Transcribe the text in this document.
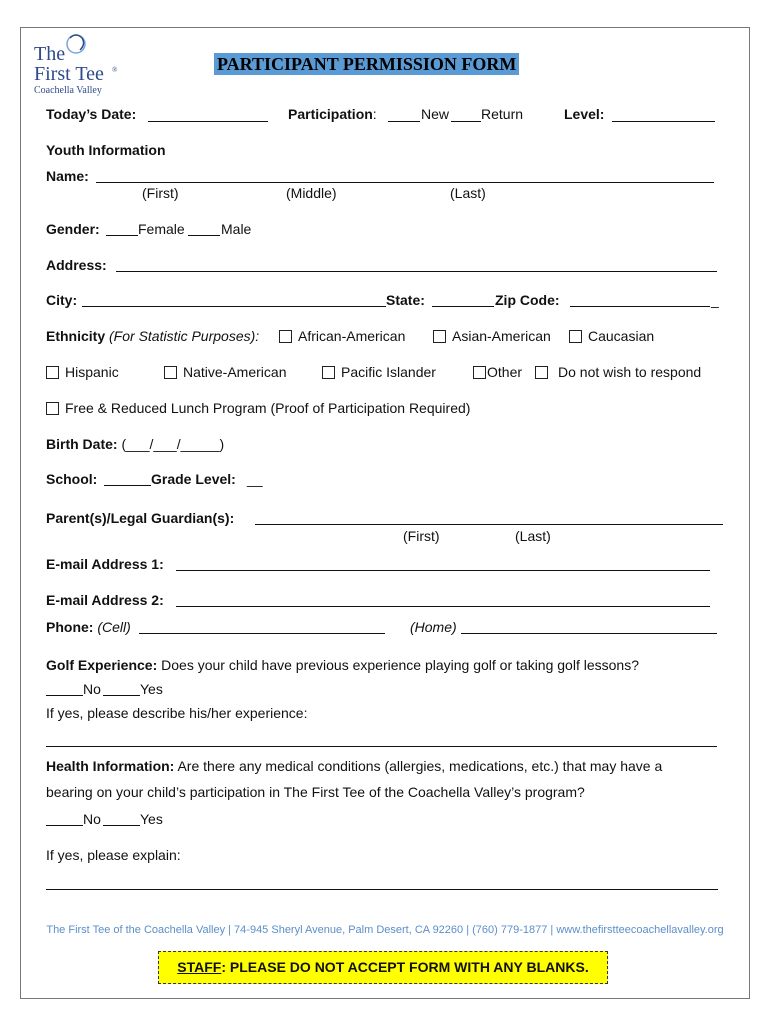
The
First Tee ®
Coachella Valley
PARTICIPANT PERMISSION FORM
Today’s Date:	Participation:	New Return	Level:
Youth Information
Name:
(First)	(Middle)	(Last)
Gender:	Female	Male
Address:
City:	State:	Zip Code:	_
Ethnicity (For Statistic Purposes):	African-American	Asian-American	Caucasian
Hispanic	Native-American	Pacific Islander	Other	Do not wish to respond
Free & Reduced Lunch Program (Proof of Participation Required)
Birth Date: (___/___/_____)
School:	Grade Level: __
Parent(s)/Legal Guardian(s):
(First)	(Last)
E-mail Address 1:
E-mail Address 2:
Phone: (Cell)	(Home)
Golf Experience: Does your child have previous experience playing golf or taking golf lessons?
No	Yes
If yes, please describe his/her experience:
Health Information: Are there any medical conditions (allergies, medications, etc.) that may have a
bearing on your child’s participation in The First Tee of the Coachella Valley’s program?
No	Yes
If yes, please explain:
The First Tee of the Coachella Valley | 74-945 Sheryl Avenue, Palm Desert, CA 92260 | (760) 779-1877 | www.thefirstteecoachellavalley.org
STAFF: PLEASE DO NOT ACCEPT FORM WITH ANY BLANKS.
